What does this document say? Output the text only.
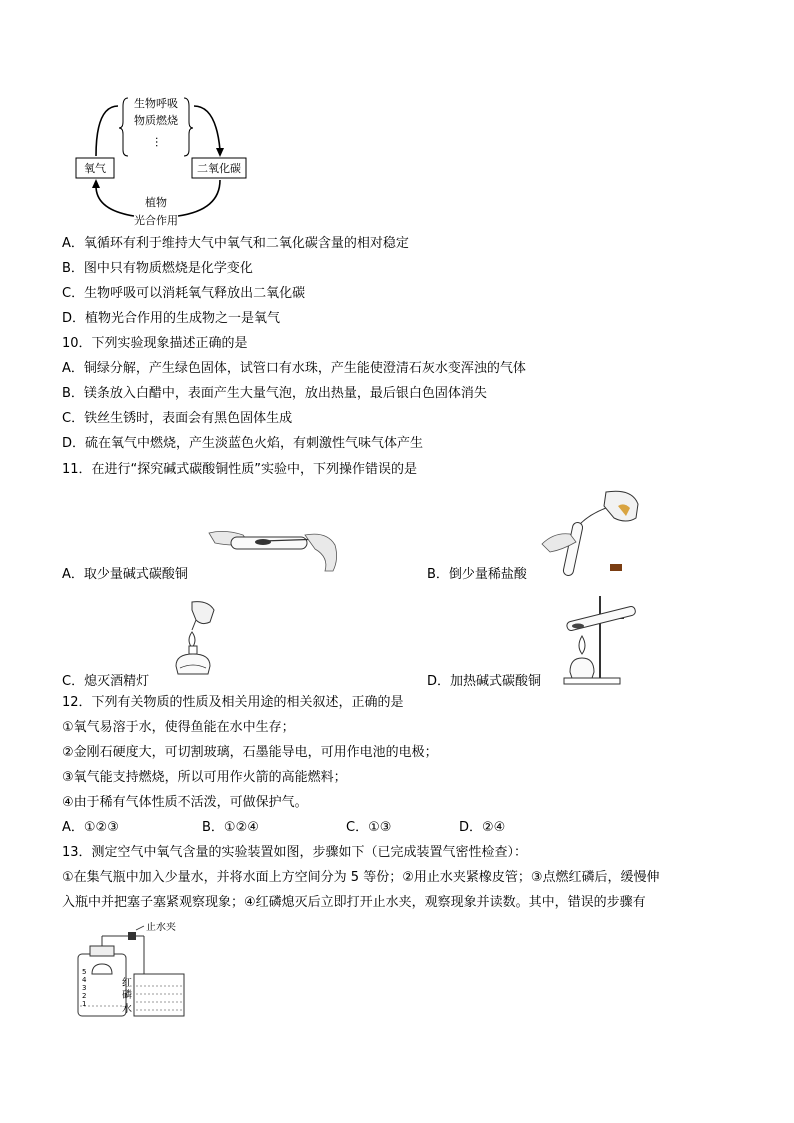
生物呼吸
物质燃烧
…
氧气	二氧化碳
植物
光合作用
A．氧循环有利于维持大气中氧气和二氧化碳含量的相对稳定
B．图中只有物质燃烧是化学变化
C．生物呼吸可以消耗氧气释放出二氧化碳
D．植物光合作用的生成物之一是氧气
10．下列实验现象描述正确的是
A．铜绿分解，产生绿色固体，试管口有水珠，产生能使澄清石灰水变浑浊的气体
B．镁条放入白醋中，表面产生大量气泡，放出热量，最后银白色固体消失
C．铁丝生锈时，表面会有黑色固体生成
D．硫在氧气中燃烧，产生淡蓝色火焰，有刺激性气味气体产生
11．在进行“探究碱式碳酸铜性质”实验中，下列操作错误的是
A．取少量碱式碳酸铜	B．倒少量稀盐酸
C．熄灭酒精灯	D．加热碱式碳酸铜
12．下列有关物质的性质及相关用途的相关叙述，正确的是
①氧气易溶于水，使得鱼能在水中生存；
②金刚石硬度大，可切割玻璃，石墨能导电，可用作电池的电极；
③氧气能支持燃烧，所以可用作火箭的高能燃料；
④由于稀有气体性质不活泼，可做保护气。
A．①②③	B．①②④	C．①③	D．②④
13．测定空气中氧气含量的实验装置如图，步骤如下（已完成装置气密性检查）：
①在集气瓶中加入少量水，并将水面上方空间分为 5 等份；②用止水夹紧橡皮管；③点燃红磷后，缓慢伸
入瓶中并把塞子塞紧观察现象；④红磷熄灭后立即打开止水夹，观察现象并读数。其中，错误的步骤有
止水夹
5
4
3
2
1
红
磷
水
